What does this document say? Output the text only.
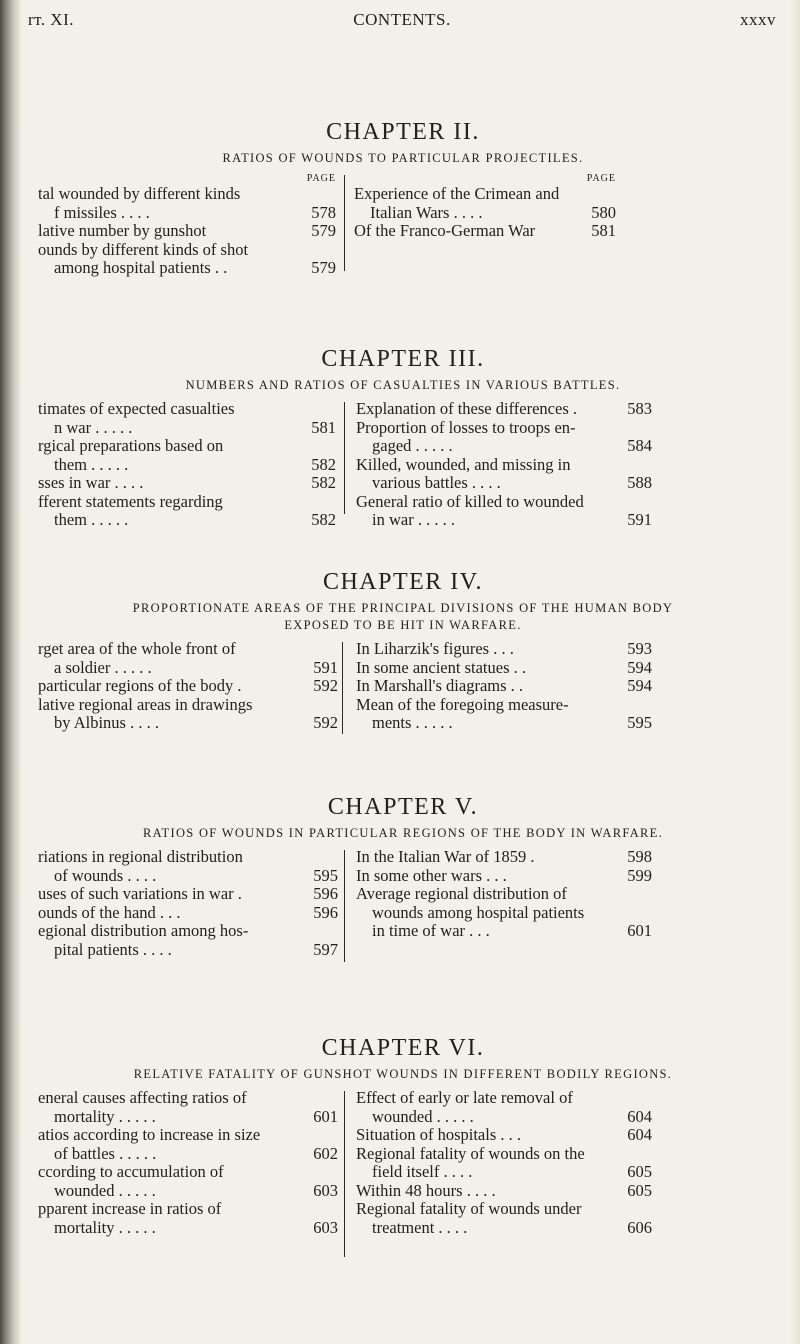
rт. XI.	CONTENTS.	xxxv
CHAPTER II.
RATIOS OF WOUNDS TO PARTICULAR PROJECTILES.
PAGE
tal wounded by different kinds
f missiles . . . .	578
lative number by gunshot	579
ounds by different kinds of shot
among hospital patients . .	579
PAGE
Experience of the Crimean and
Italian Wars . . . .	580
Of the Franco-German War	581
CHAPTER III.
NUMBERS AND RATIOS OF CASUALTIES IN VARIOUS BATTLES.
timates of expected casualties
n war . . . . .	581
rgical preparations based on
them . . . . .	582
sses in war . . . .	582
fferent statements regarding
them . . . . .	582
Explanation of these differences .	583
Proportion of losses to troops en-
gaged . . . . .	584
Killed, wounded, and missing in
various battles . . . .	588
General ratio of killed to wounded
in war . . . . .	591
CHAPTER IV.
PROPORTIONATE AREAS OF THE PRINCIPAL DIVISIONS OF THE HUMAN BODY
EXPOSED TO BE HIT IN WARFARE.
rget area of the whole front of
a soldier . . . . .	591
particular regions of the body .	592
lative regional areas in drawings
by Albinus . . . .	592
In Liharzik's figures . . .	593
In some ancient statues . .	594
In Marshall's diagrams . .	594
Mean of the foregoing measure-
ments . . . . .	595
CHAPTER V.
RATIOS OF WOUNDS IN PARTICULAR REGIONS OF THE BODY IN WARFARE.
riations in regional distribution
of wounds . . . .	595
uses of such variations in war .	596
ounds of the hand . . .	596
egional distribution among hos-
pital patients . . . .	597
In the Italian War of 1859 .	598
In some other wars . . .	599
Average regional distribution of
wounds among hospital patients
in time of war . . .	601
CHAPTER VI.
RELATIVE FATALITY OF GUNSHOT WOUNDS IN DIFFERENT BODILY REGIONS.
eneral causes affecting ratios of
mortality . . . . .	601
atios according to increase in size
of battles . . . . .	602
ccording to accumulation of
wounded . . . . .	603
pparent increase in ratios of
mortality . . . . .	603
Effect of early or late removal of
wounded . . . . .	604
Situation of hospitals . . .	604
Regional fatality of wounds on the
field itself . . . .	605
Within 48 hours . . . .	605
Regional fatality of wounds under
treatment . . . .	606
